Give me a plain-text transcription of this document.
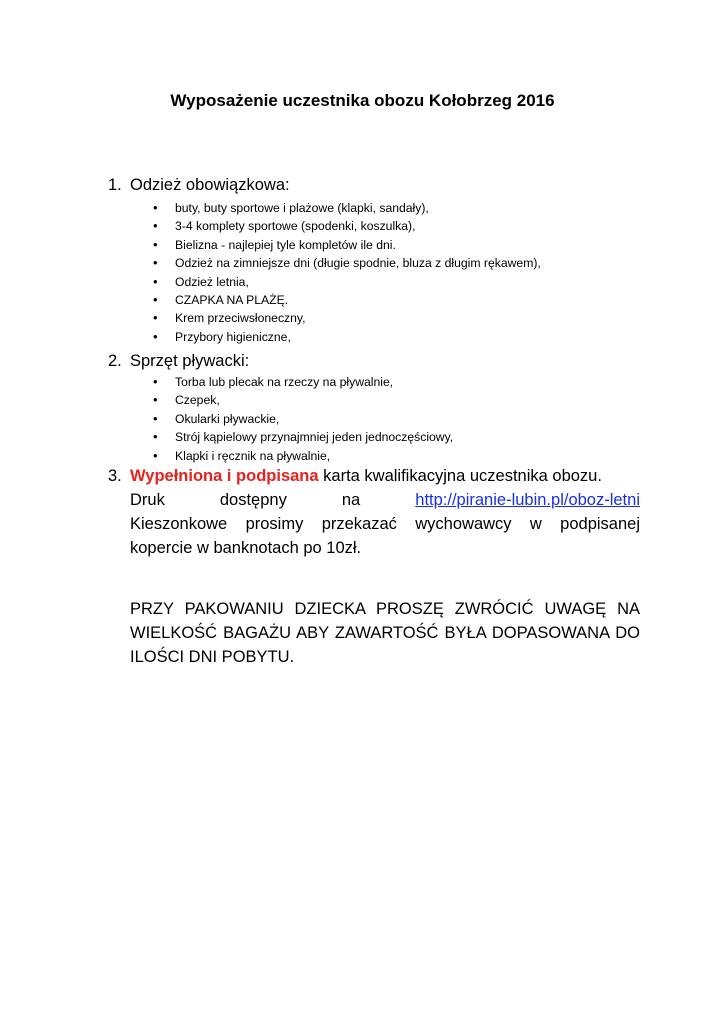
Wyposażenie uczestnika obozu Kołobrzeg 2016
1. Odzież obowiązkowa:
• buty, buty sportowe i plażowe (klapki, sandały),
• 3-4 komplety sportowe (spodenki, koszulka),
• Bielizna - najlepiej tyle kompletów ile dni.
• Odzież na zimniejsze dni (długie spodnie, bluza z długim rękawem),
• Odzież letnia,
• CZAPKA NA PLAŻĘ.
• Krem przeciwsłoneczny,
• Przybory higieniczne,
2. Sprzęt pływacki:
• Torba lub plecak na rzeczy na pływalnie,
• Czepek,
• Okularki pływackie,
• Strój kąpielowy przynajmniej jeden jednoczęściowy,
• Klapki i ręcznik na pływalnie,
3. Wypełniona i podpisana karta kwalifikacyjna uczestnika obozu.
Druk	dostępny	na	http://piranie-lubin.pl/oboz-letni
Kieszonkowe prosimy przekazać wychowawcy w podpisanej
kopercie w banknotach po 10zł.
PRZY PAKOWANIU DZIECKA PROSZĘ ZWRÓCIĆ UWAGĘ NA WIELKOŚĆ BAGAŻU ABY ZAWARTOŚĆ BYŁA DOPASOWANA DO ILOŚCI DNI POBYTU.
